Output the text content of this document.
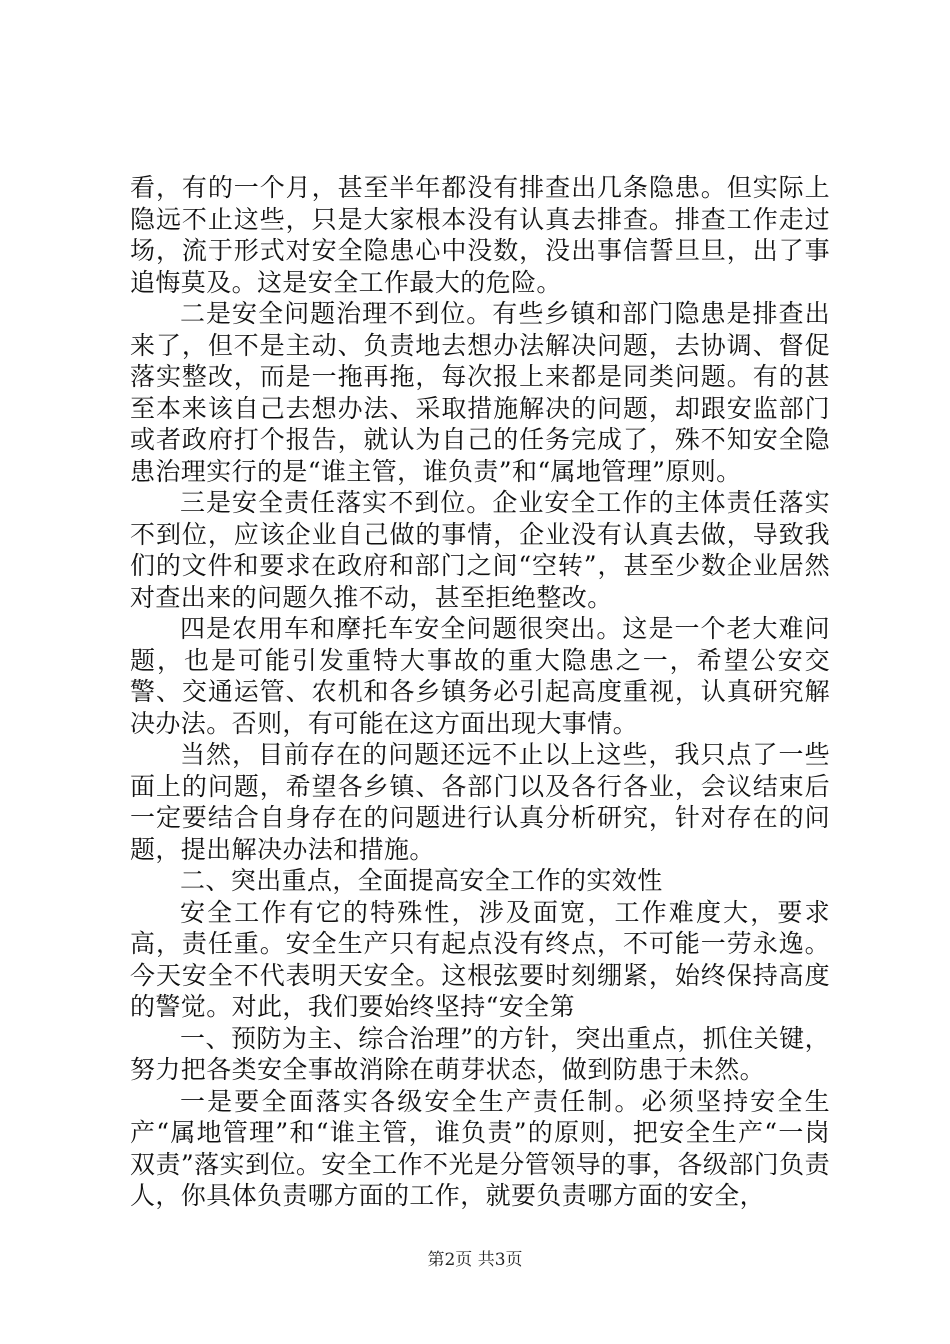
看，有的一个月，甚至半年都没有排查出几条隐患。但实际上隐远不止这些，只是大家根本没有认真去排查。排查工作走过场，流于形式对安全隐患心中没数，没出事信誓旦旦，出了事追悔莫及。这是安全工作最大的危险。

二是安全问题治理不到位。有些乡镇和部门隐患是排查出来了，但不是主动、负责地去想办法解决问题，去协调、督促落实整改，而是一拖再拖，每次报上来都是同类问题。有的甚至本来该自己去想办法、采取措施解决的问题，却跟安监部门或者政府打个报告，就认为自己的任务完成了，殊不知安全隐患治理实行的是“谁主管，谁负责”和“属地管理”原则。

三是安全责任落实不到位。企业安全工作的主体责任落实不到位，应该企业自己做的事情，企业没有认真去做，导致我们的文件和要求在政府和部门之间“空转”，甚至少数企业居然对查出来的问题久推不动，甚至拒绝整改。

四是农用车和摩托车安全问题很突出。这是一个老大难问题，也是可能引发重特大事故的重大隐患之一，希望公安交警、交通运管、农机和各乡镇务必引起高度重视，认真研究解决办法。否则，有可能在这方面出现大事情。

当然，目前存在的问题还远不止以上这些，我只点了一些面上的问题，希望各乡镇、各部门以及各行各业，会议结束后一定要结合自身存在的问题进行认真分析研究，针对存在的问题，提出解决办法和措施。

二、突出重点，全面提高安全工作的实效性

安全工作有它的特殊性，涉及面宽，工作难度大，要求高，责任重。安全生产只有起点没有终点，不可能一劳永逸。今天安全不代表明天安全。这根弦要时刻绷紧，始终保持高度的警觉。对此，我们要始终坚持“安全第

一、预防为主、综合治理”的方针，突出重点，抓住关键，努力把各类安全事故消除在萌芽状态，做到防患于未然。

一是要全面落实各级安全生产责任制。必须坚持安全生产“属地管理”和“谁主管，谁负责”的原则，把安全生产“一岗双责”落实到位。安全工作不光是分管领导的事，各级部门负责人，你具体负责哪方面的工作，就要负责哪方面的安全，

第2页 共3页
